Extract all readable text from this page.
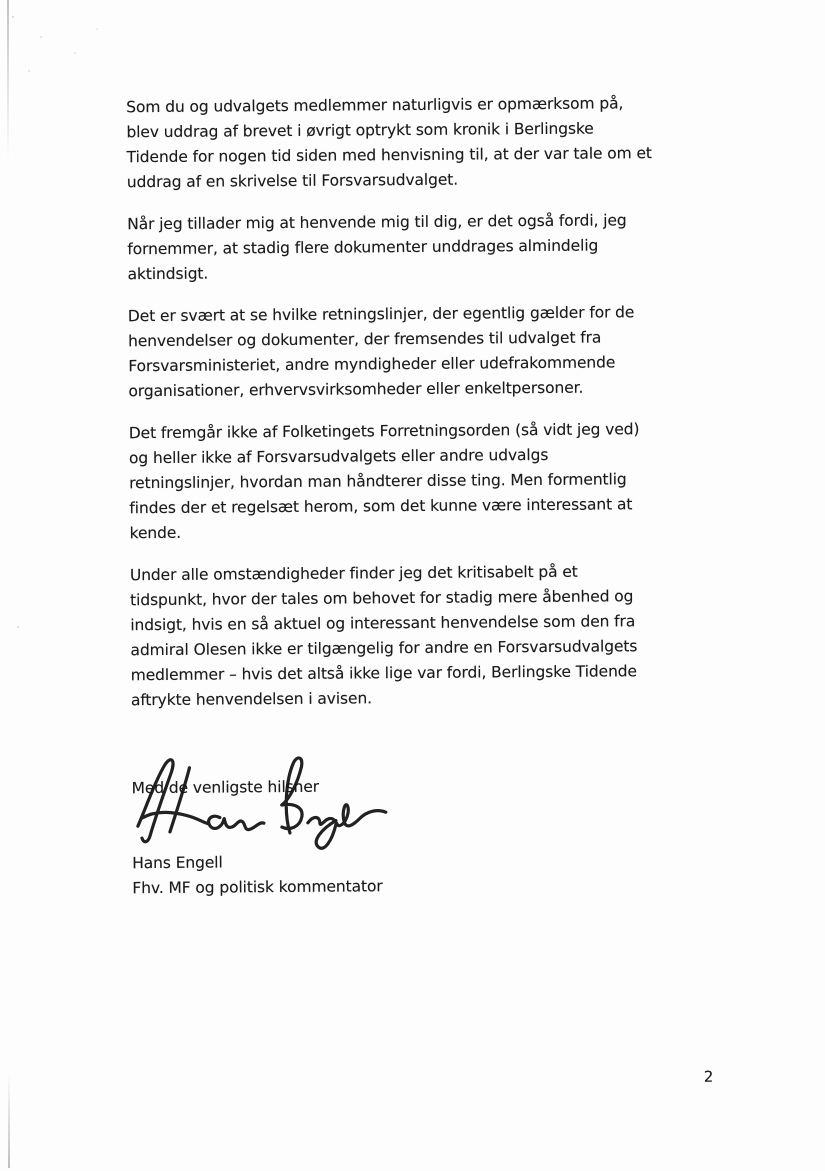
Som du og udvalgets medlemmer naturligvis er opmærksom på,
blev uddrag af brevet i øvrigt optrykt som kronik i Berlingske
Tidende for nogen tid siden med henvisning til, at der var tale om et
uddrag af en skrivelse til Forsvarsudvalget.

Når jeg tillader mig at henvende mig til dig, er det også fordi, jeg
fornemmer, at stadig flere dokumenter unddrages almindelig
aktindsigt.

Det er svært at se hvilke retningslinjer, der egentlig gælder for de
henvendelser og dokumenter, der fremsendes til udvalget fra
Forsvarsministeriet, andre myndigheder eller udefrakommende
organisationer, erhvervsvirksomheder eller enkeltpersoner.

Det fremgår ikke af Folketingets Forretningsorden (så vidt jeg ved)
og heller ikke af Forsvarsudvalgets eller andre udvalgs
retningslinjer, hvordan man håndterer disse ting. Men formentlig
findes der et regelsæt herom, som det kunne være interessant at
kende.

Under alle omstændigheder finder jeg det kritisabelt på et
tidspunkt, hvor der tales om behovet for stadig mere åbenhed og
indsigt, hvis en så aktuel og interessant henvendelse som den fra
admiral Olesen ikke er tilgængelig for andre en Forsvarsudvalgets
medlemmer – hvis det altså ikke lige var fordi, Berlingske Tidende
aftrykte henvendelsen i avisen.

Med de venligste hilsner
Hans Engell
Fhv. MF og politisk kommentator
2
